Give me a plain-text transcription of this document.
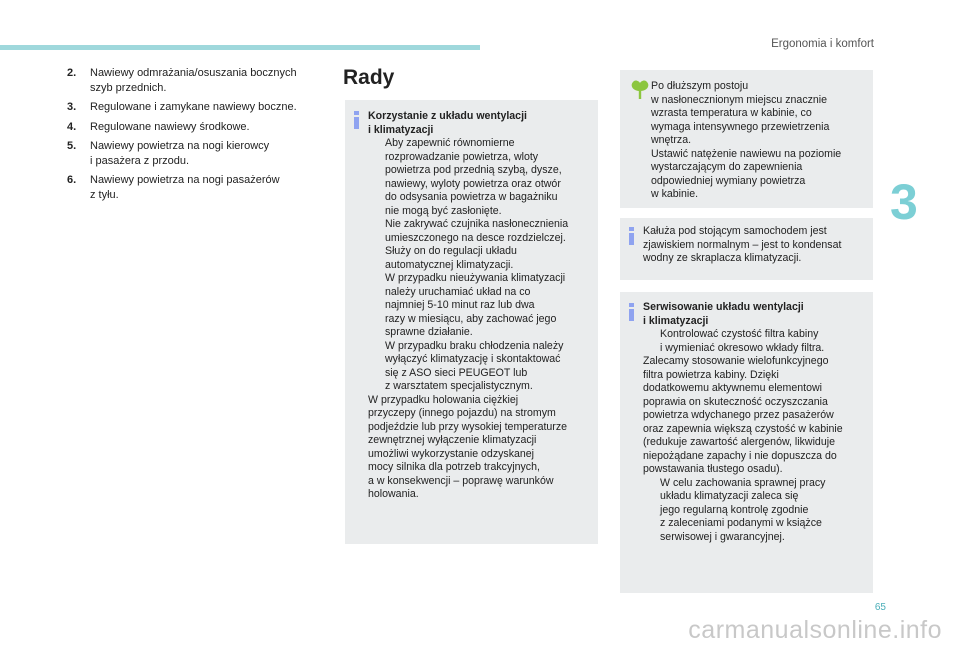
Ergonomia i komfort
3
2.	Nawiewy odmrażania/osuszania bocznych
szyb przednich.
3.	Regulowane i zamykane nawiewy boczne.
4.	Regulowane nawiewy środkowe.
5.	Nawiewy powietrza na nogi kierowcy
i pasażera z przodu.
6.	Nawiewy powietrza na nogi pasażerów
z tyłu.
Rady
Korzystanie z układu wentylacji
i klimatyzacji
Aby zapewnić równomierne
rozprowadzanie powietrza, wloty
powietrza pod przednią szybą, dysze,
nawiewy, wyloty powietrza oraz otwór
do odsysania powietrza w bagażniku
nie mogą być zasłonięte.
Nie zakrywać czujnika nasłonecznienia
umieszczonego na desce rozdzielczej.
Służy on do regulacji układu
automatycznej klimatyzacji.
W przypadku nieużywania klimatyzacji
należy uruchamiać układ na co
najmniej 5-10 minut raz lub dwa
razy w miesiącu, aby zachować jego
sprawne działanie.
W przypadku braku chłodzenia należy
wyłączyć klimatyzację i skontaktować
się z ASO sieci PEUGEOT lub
z warsztatem specjalistycznym.
W przypadku holowania ciężkiej
przyczepy (innego pojazdu) na stromym
podjeździe lub przy wysokiej temperaturze
zewnętrznej wyłączenie klimatyzacji
umożliwi wykorzystanie odzyskanej
mocy silnika dla potrzeb trakcyjnych,
a w konsekwencji – poprawę warunków
holowania.
Po dłuższym postoju
w nasłonecznionym miejscu znacznie
wzrasta temperatura w kabinie, co
wymaga intensywnego przewietrzenia
wnętrza.
Ustawić natężenie nawiewu na poziomie
wystarczającym do zapewnienia
odpowiedniej wymiany powietrza
w kabinie.
Kałuża pod stojącym samochodem jest
zjawiskiem normalnym – jest to kondensat
wodny ze skraplacza klimatyzacji.
Serwisowanie układu wentylacji
i klimatyzacji
Kontrolować czystość filtra kabiny
i wymieniać okresowo wkłady filtra.
Zalecamy stosowanie wielofunkcyjnego
filtra powietrza kabiny. Dzięki
dodatkowemu aktywnemu elementowi
poprawia on skuteczność oczyszczania
powietrza wdychanego przez pasażerów
oraz zapewnia większą czystość w kabinie
(redukuje zawartość alergenów, likwiduje
niepożądane zapachy i nie dopuszcza do
powstawania tłustego osadu).
W celu zachowania sprawnej pracy
układu klimatyzacji zaleca się
jego regularną kontrolę zgodnie
z zaleceniami podanymi w książce
serwisowej i gwarancyjnej.
65
carmanualsonline.info
